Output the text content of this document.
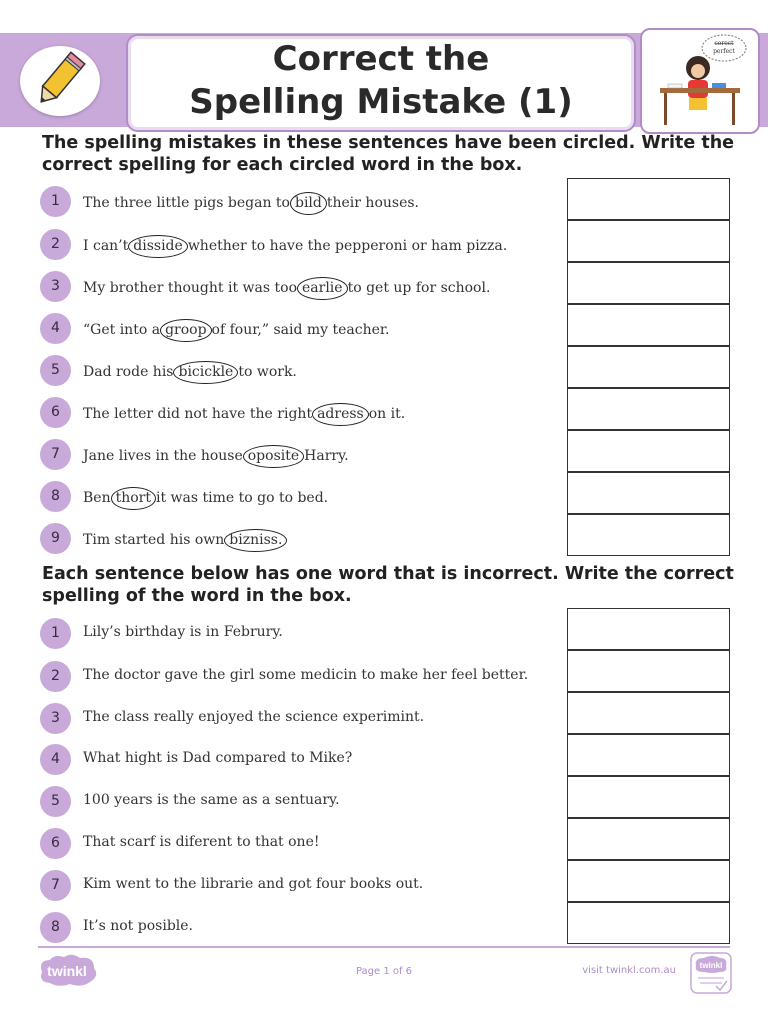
Correct the
Spelling Mistake (1)
corect
perfect
The spelling mistakes in these sentences have been circled. Write the
correct spelling for each circled word in the box.
1	The three little pigs began to bild their houses.
2	I can’t disside whether to have the pepperoni or ham pizza.
3	My brother thought it was too earlie to get up for school.
4	“Get into a groop of four,” said my teacher.
5	Dad rode his bicickle to work.
6	The letter did not have the right adress on it.
7	Jane lives in the house oposite Harry.
8	Ben thort it was time to go to bed.
9	Tim started his own bizniss.
Each sentence below has one word that is incorrect. Write the correct
spelling of the word in the box.
1	Lily’s birthday is in Februry.
2	The doctor gave the girl some medicin to make her feel better.
3	The class really enjoyed the science experimint.
4	What hight is Dad compared to Mike?
5	100 years is the same as a sentuary.
6	That scarf is diferent to that one!
7	Kim went to the librarie and got four books out.
8	It’s not posible.
twinkl	Page 1 of 6	visit twinkl.com.au	twinkl
